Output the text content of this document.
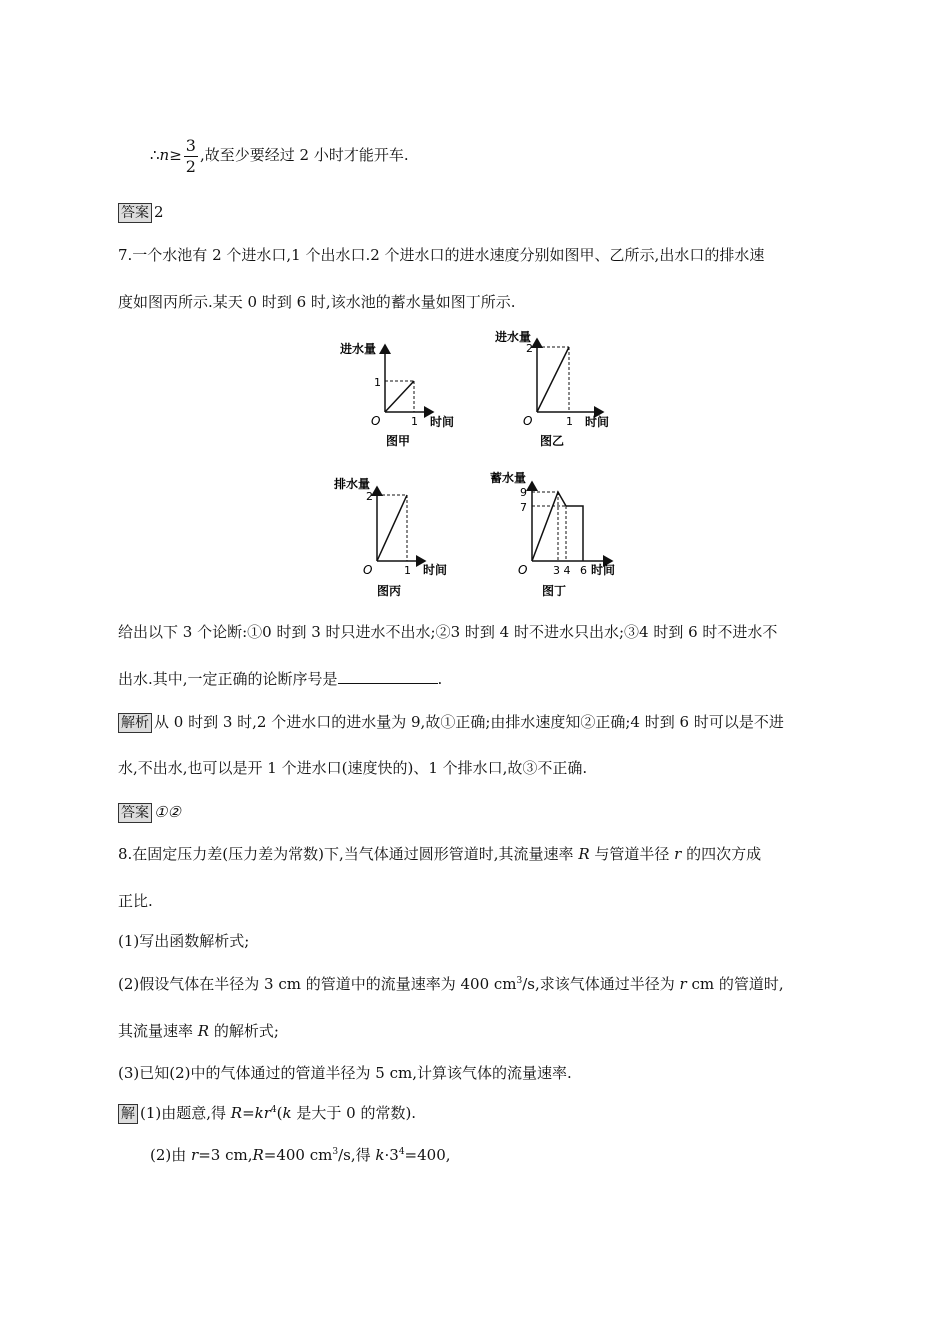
∴n≥ $\frac{3}{2}$ ,故至少要经过 2 小时才能开车.
答案 2
7.一个水池有 2 个进水口,1 个出水口.2 个进水口的进水速度分别如图甲、乙所示,出水口的排水速
度如图丙所示.某天 0 时到 6 时,该水池的蓄水量如图丁所示.
进水量
1
O	1 时间
图甲
进水量
2
O	1 时间
图乙
排水量
2
O	1 时间
图丙
蓄水量
9
7
O 3 4 6 时间
图丁
给出以下 3 个论断:①0 时到 3 时只进水不出水;②3 时到 4 时不进水只出水;③4 时到 6 时不进水不
出水.其中,一定正确的论断序号是	.
解析 从 0 时到 3 时,2 个进水口的进水量为 9,故①正确;由排水速度知②正确;4 时到 6 时可以是不进
水,不出水,也可以是开 1 个进水口(速度快的)、1 个排水口,故③不正确.
答案 ①②
8.在固定压力差(压力差为常数)下,当气体通过圆形管道时,其流量速率 R 与管道半径 r 的四次方成
正比.
(1)写出函数解析式;
(2)假设气体在半径为 3 cm 的管道中的流量速率为 400 $cm^3/s$,求该气体通过半径为 r cm 的管道时,
其流量速率 R 的解析式;
(3)已知(2)中的气体通过的管道半径为 5 cm,计算该气体的流量速率.
解 (1)由题意,得 $R=kr^4(k$ 是大于 0 的常数).
(2)由 r=3 cm,R=400 $cm^3/s$,得 $k\cdot 3^4=400$,
